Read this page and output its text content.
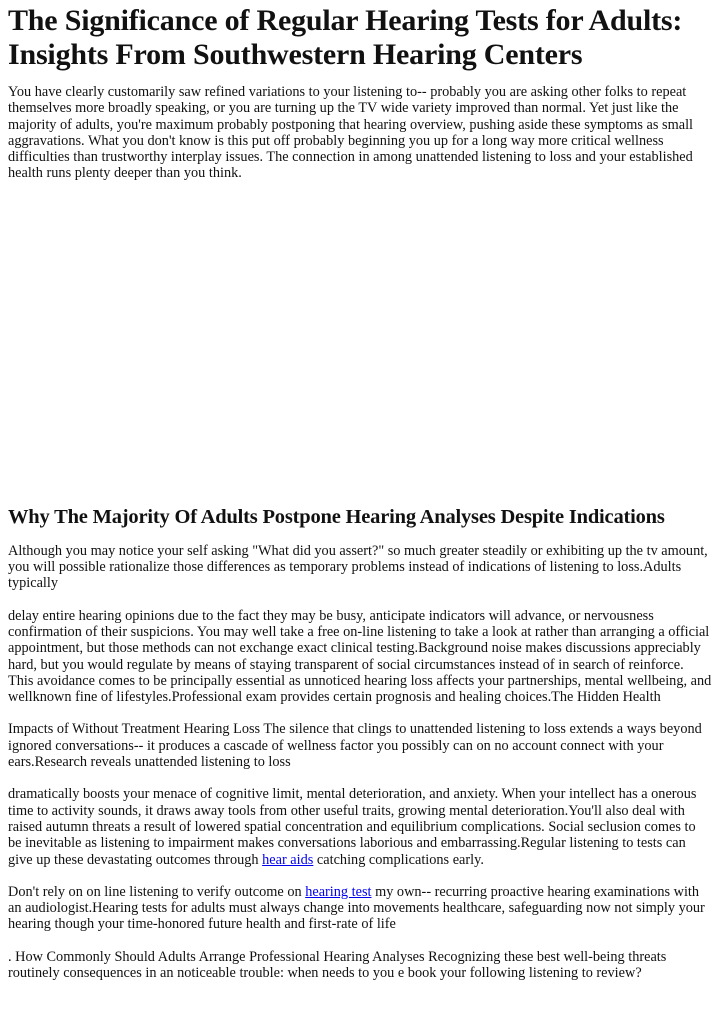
The Significance of Regular Hearing Tests for Adults: Insights From Southwestern Hearing Centers

You have clearly customarily saw refined variations to your listening to-- probably you are asking other folks to repeat themselves more broadly speaking, or you are turning up the TV wide variety improved than normal. Yet just like the majority of adults, you're maximum probably postponing that hearing overview, pushing aside these symptoms as small aggravations. What you don't know is this put off probably beginning you up for a long way more critical wellness difficulties than trustworthy interplay issues. The connection in among unattended listening to loss and your established health runs plenty deeper than you think.

Why The Majority Of Adults Postpone Hearing Analyses Despite Indications

Although you may notice your self asking "What did you assert?" so much greater steadily or exhibiting up the tv amount, you will possible rationalize those differences as temporary problems instead of indications of listening to loss.Adults typically

delay entire hearing opinions due to the fact they may be busy, anticipate indicators will advance, or nervousness confirmation of their suspicions. You may well take a free on-line listening to take a look at rather than arranging a official appointment, but those methods can not exchange exact clinical testing.Background noise makes discussions appreciably hard, but you would regulate by means of staying transparent of social circumstances instead of in search of reinforce. This avoidance comes to be principally essential as unnoticed hearing loss affects your partnerships, mental wellbeing, and wellknown fine of lifestyles.Professional exam provides certain prognosis and healing choices.The Hidden Health

Impacts of Without Treatment Hearing Loss The silence that clings to unattended listening to loss extends a ways beyond ignored conversations-- it produces a cascade of wellness factor you possibly can on no account connect with your ears.Research reveals unattended listening to loss

dramatically boosts your menace of cognitive limit, mental deterioration, and anxiety. When your intellect has a onerous time to activity sounds, it draws away tools from other useful traits, growing mental deterioration.You'll also deal with raised autumn threats a result of lowered spatial concentration and equilibrium complications. Social seclusion comes to be inevitable as listening to impairment makes conversations laborious and embarrassing.Regular listening to tests can give up these devastating outcomes through hear aids catching complications early.

Don't rely on on line listening to verify outcome on hearing test my own-- recurring proactive hearing examinations with an audiologist.Hearing tests for adults must always change into movements healthcare, safeguarding now not simply your hearing though your time-honored future health and first-rate of life

. How Commonly Should Adults Arrange Professional Hearing Analyses Recognizing these best well-being threats routinely consequences in an noticeable trouble: when needs to you e book your following listening to review?
